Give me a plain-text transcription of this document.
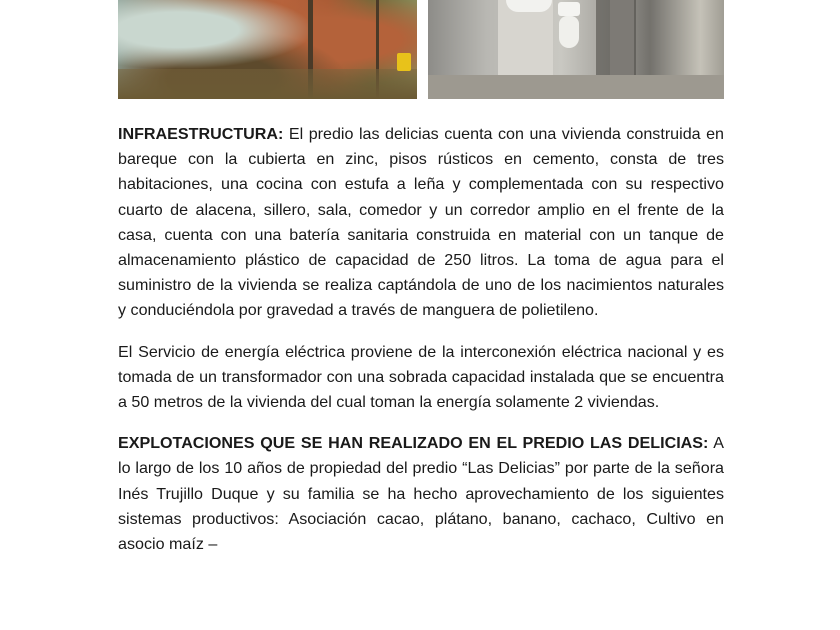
INFRAESTRUCTURA: El predio las delicias cuenta con una vivienda construida en bareque con la cubierta en zinc, pisos rústicos en cemento, consta de tres habitaciones, una cocina con estufa a leña y complementada con su respectivo cuarto de alacena, sillero, sala, comedor y un corredor amplio en el frente de la casa, cuenta con una batería sanitaria construida en material con un tanque de almacenamiento plástico de capacidad de 250 litros. La toma de agua para el suministro de la vivienda se realiza captándola de uno de los nacimientos naturales y conduciéndola por gravedad a través de manguera de polietileno.

El Servicio de energía eléctrica proviene de la interconexión eléctrica nacional y es tomada de un transformador con una sobrada capacidad instalada que se encuentra a 50 metros de la vivienda del cual toman la energía solamente 2 viviendas.

EXPLOTACIONES QUE SE HAN REALIZADO EN EL PREDIO LAS DELICIAS: A lo largo de los 10 años de propiedad del predio “Las Delicias” por parte de la señora Inés Trujillo Duque y su familia se ha hecho aprovechamiento de los siguientes sistemas productivos: Asociación cacao, plátano, banano, cachaco, Cultivo en asocio maíz –
